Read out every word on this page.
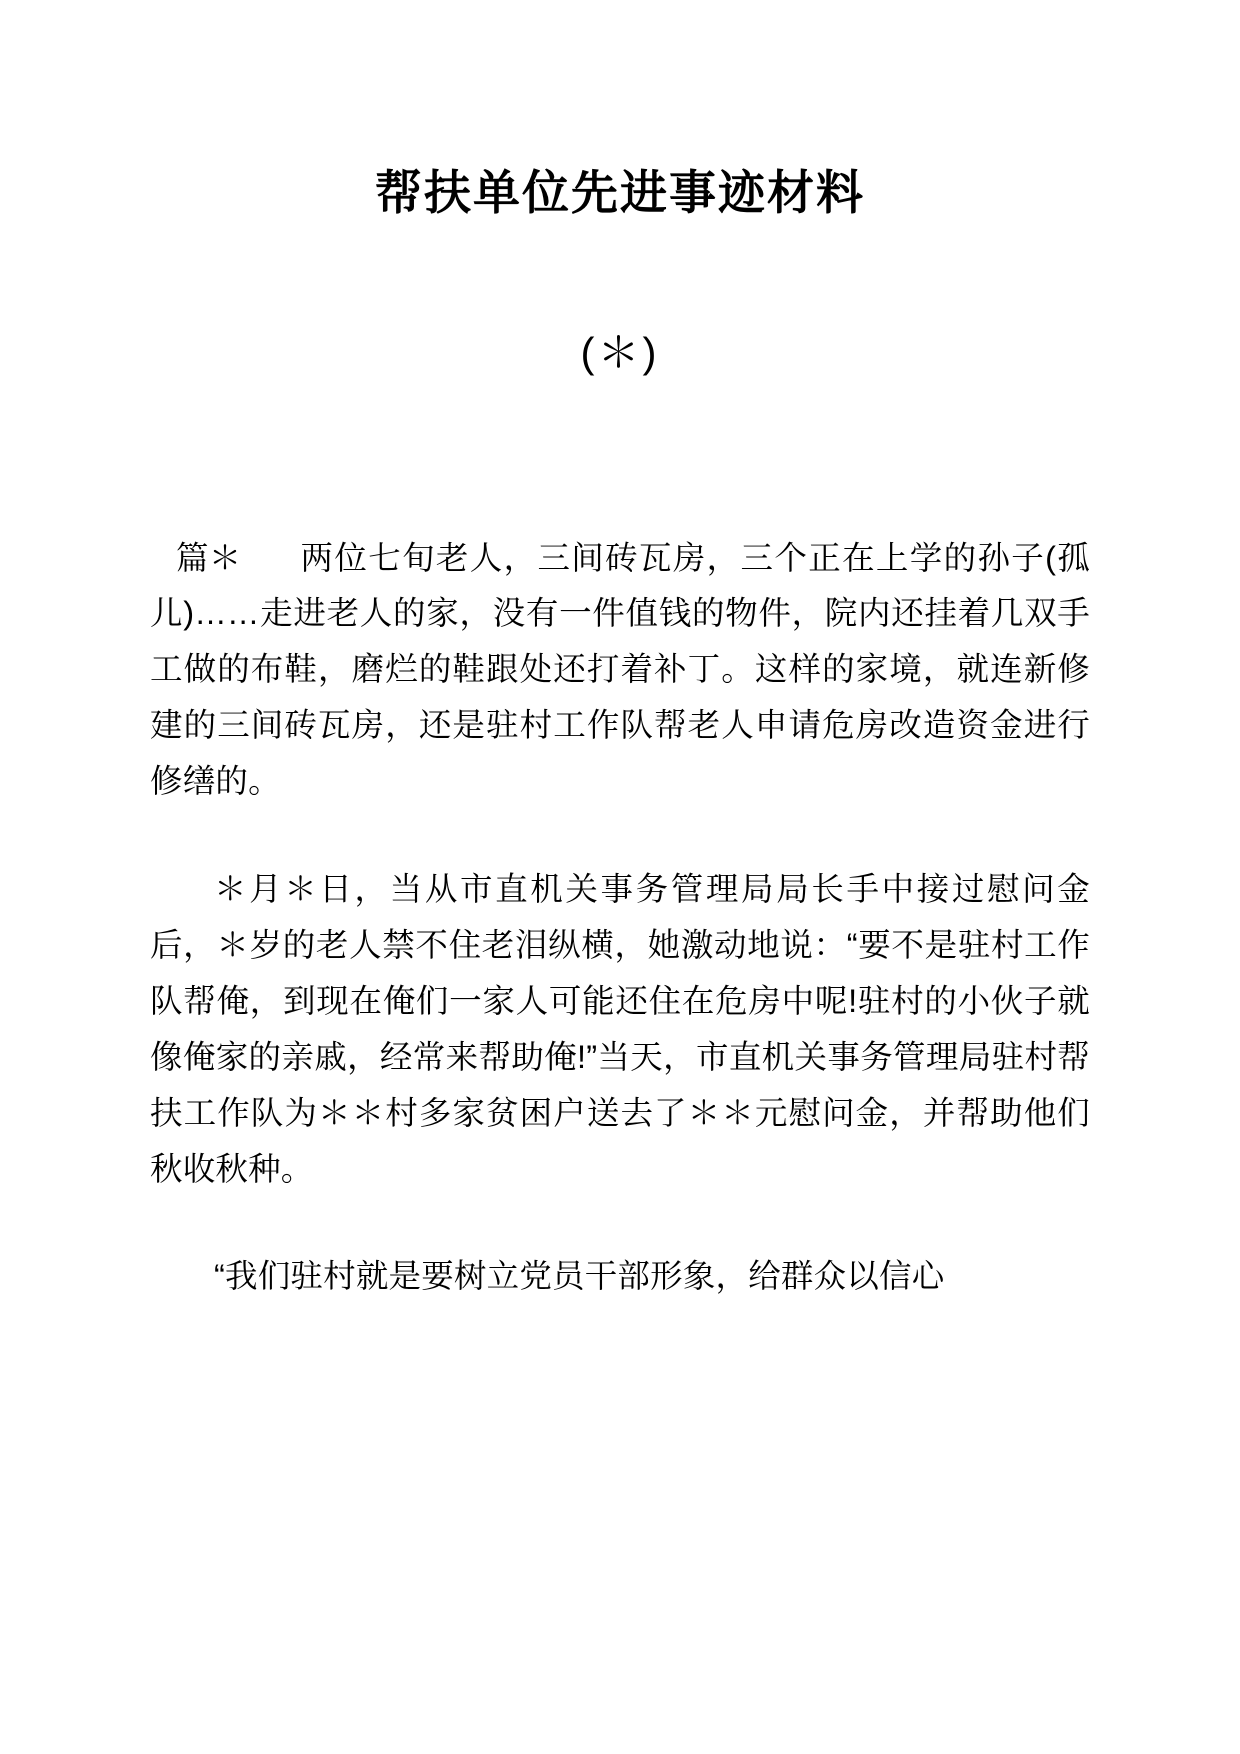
帮扶单位先进事迹材料
(＊)

篇＊ 两位七旬老人，三间砖瓦房，三个正在上学的孙子(孤儿)……走进老人的家，没有一件值钱的物件，院内还挂着几双手工做的布鞋，磨烂的鞋跟处还打着补丁。这样的家境，就连新修建的三间砖瓦房，还是驻村工作队帮老人申请危房改造资金进行修缮的。

＊月＊日，当从市直机关事务管理局局长手中接过慰问金后，＊岁的老人禁不住老泪纵横，她激动地说：“要不是驻村工作队帮俺，到现在俺们一家人可能还住在危房中呢!驻村的小伙子就像俺家的亲戚，经常来帮助俺!”当天，市直机关事务管理局驻村帮扶工作队为＊＊村多家贫困户送去了＊＊元慰问金，并帮助他们秋收秋种。

“我们驻村就是要树立党员干部形象，给群众以信心
